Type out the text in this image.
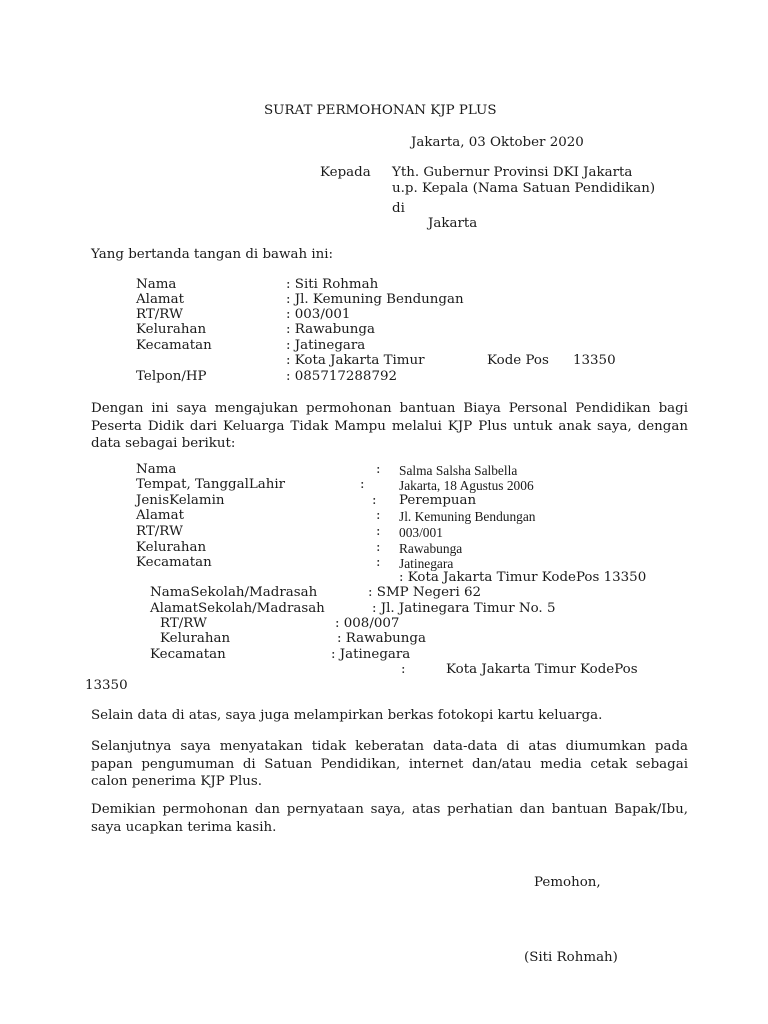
SURAT PERMOHONAN KJP PLUS
Jakarta, 03 Oktober 2020
Kepada Yth. Gubernur Provinsi DKI Jakarta
u.p. Kepala (Nama Satuan Pendidikan)
di
Jakarta
Yang bertanda tangan di bawah ini:
Nama	: Siti Rohmah
Alamat	: Jl. Kemuning Bendungan
RT/RW	: 003/001
Kelurahan	: Rawabunga
Kecamatan	: Jatinegara
: Kota Jakarta Timur	Kode Pos 13350
Telpon/HP	: 085717288792
Dengan ini saya mengajukan permohonan bantuan Biaya Personal Pendidikan bagi Peserta Didik dari Keluarga Tidak Mampu melalui KJP Plus untuk anak saya, dengan data sebagai berikut:
Nama	: Salma Salsha Salbella
Tempat, TanggalLahir	:	Jakarta, 18 Agustus 2006
JenisKelamin	: Perempuan
Alamat	: Jl. Kemuning Bendungan
RT/RW	: 003/001
Kelurahan	: Rawabunga
Kecamatan	: Jatinegara
: Kota Jakarta Timur KodePos 13350
NamaSekolah/Madrasah	: SMP Negeri 62
AlamatSekolah/Madrasah	: Jl. Jatinegara Timur No. 5
RT/RW	: 008/007
Kelurahan	: Rawabunga
Kecamatan	: Jatinegara
:	Kota Jakarta Timur KodePos
13350
Selain data di atas, saya juga melampirkan berkas fotokopi kartu keluarga.
Selanjutnya saya menyatakan tidak keberatan data-data di atas diumumkan pada papan pengumuman di Satuan Pendidikan, internet dan/atau media cetak sebagai calon penerima KJP Plus.
Demikian permohonan dan pernyataan saya, atas perhatian dan bantuan Bapak/Ibu, saya ucapkan terima kasih.
Pemohon,
(Siti Rohmah)
